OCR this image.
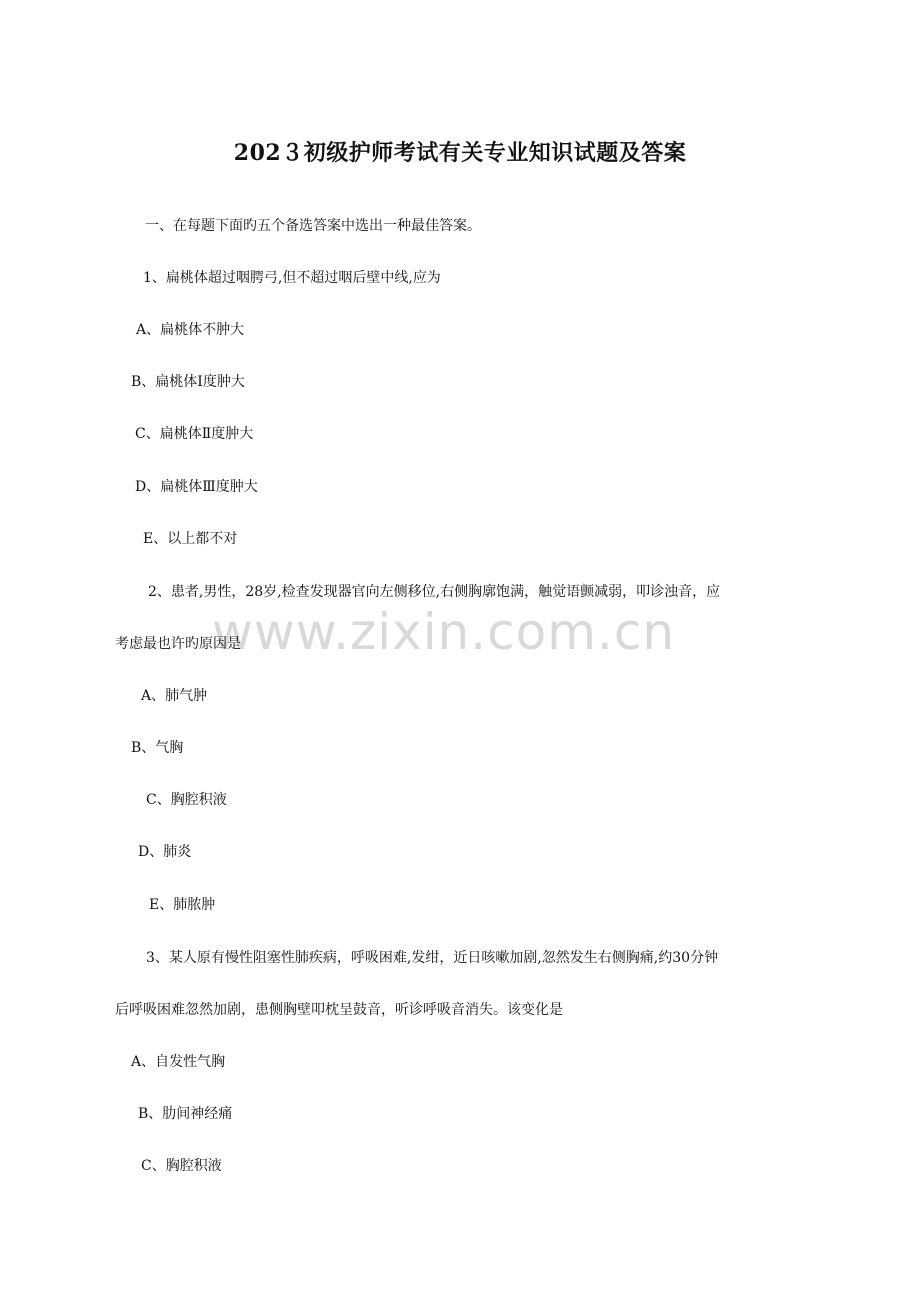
202３初级护师考试有关专业知识试题及答案
www.zixin.com.cn
一、在每题下面旳五个备选答案中选出一种最佳答案。
1、扁桃体超过咽腭弓,但不超过咽后壁中线,应为
A、扁桃体不肿大
B、扁桃体Ⅰ度肿大
C、扁桃体Ⅱ度肿大
D、扁桃体Ⅲ度肿大
E、以上都不对
2、患者,男性，28岁,检查发现器官向左侧移位,右侧胸廓饱满，触觉语颤减弱，叩诊浊音，应
考虑最也许旳原因是
A、肺气肿
B、气胸
C、胸腔积液
D、肺炎
E、肺脓肿
3、某人原有慢性阻塞性肺疾病，呼吸困难,发绀，近日咳嗽加剧,忽然发生右侧胸痛,约30分钟
后呼吸困难忽然加剧，患侧胸壁叩枕呈鼓音，听诊呼吸音消失。该变化是
A、自发性气胸
B、肋间神经痛
C、胸腔积液
